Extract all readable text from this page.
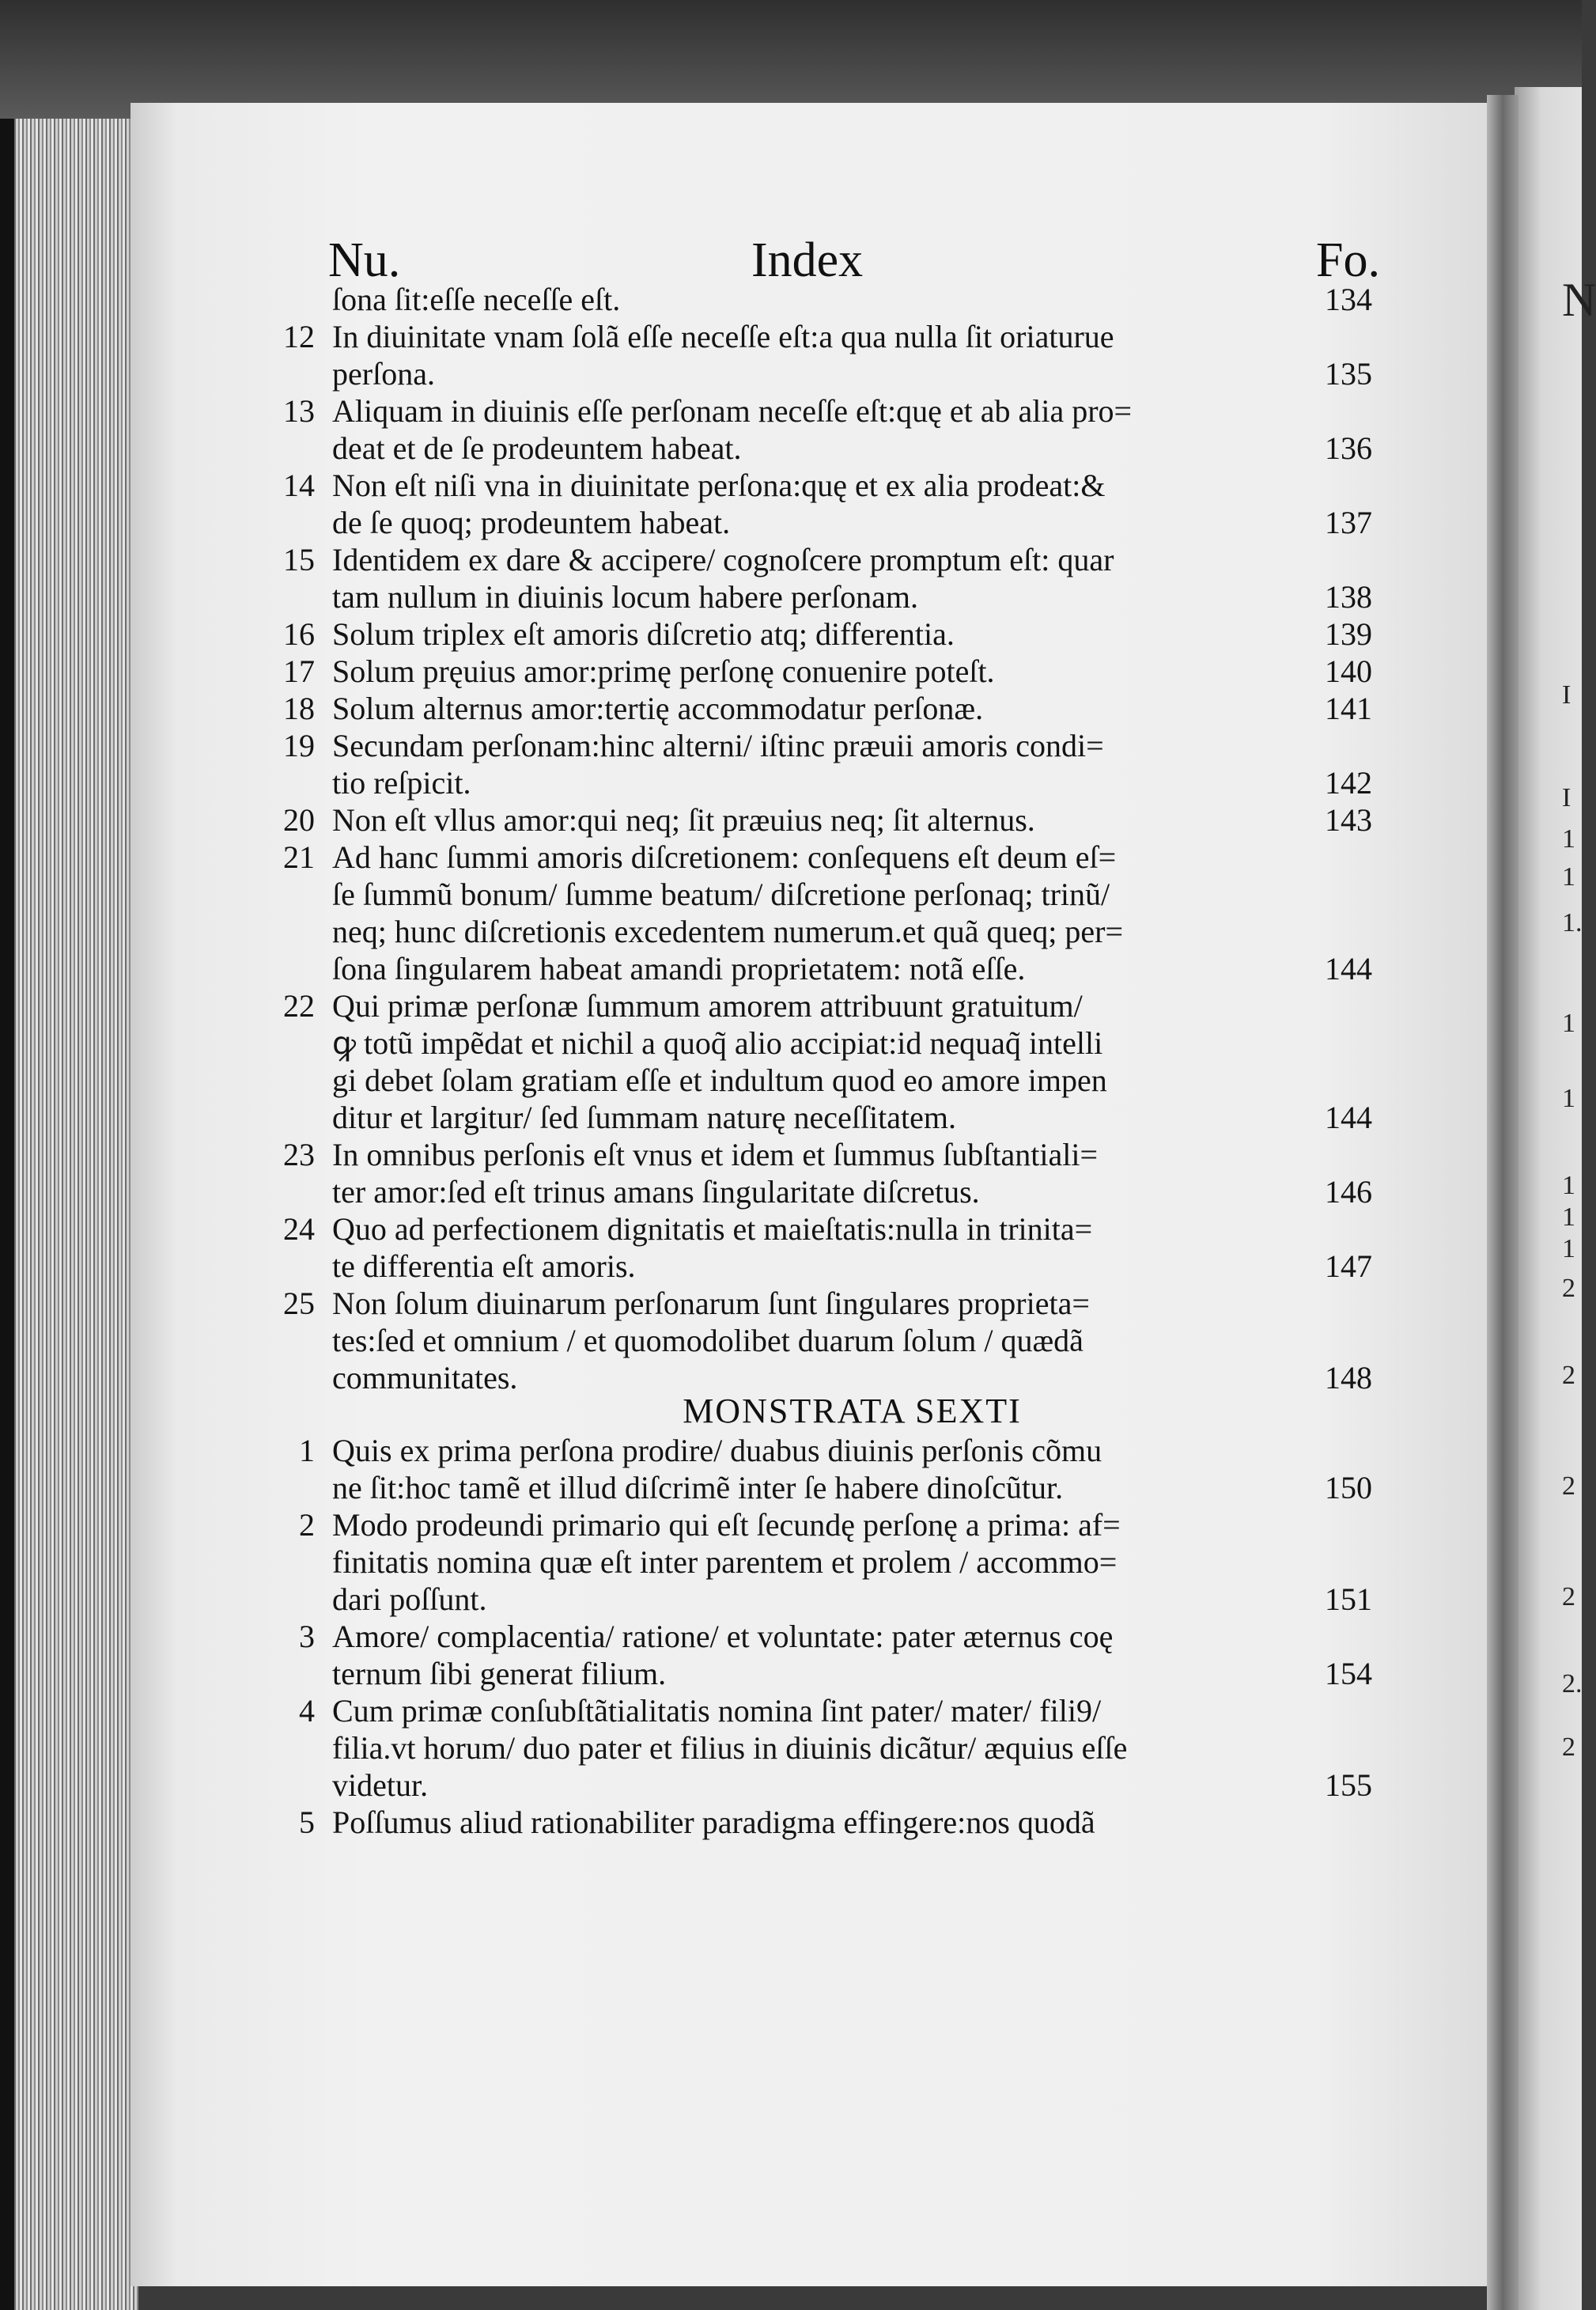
Nu.	Index	Fo.
ſona ſit:eſſe neceſſe eſt.	134
12 In diuinitate vnam ſolã eſſe neceſſe eſt:a qua nulla ſit oriaturue
perſona.	135
13 Aliquam in diuinis eſſe perſonam neceſſe eſt:quę et ab alia pro=
deat et de ſe prodeuntem habeat.	136
14 Non eſt niſi vna in diuinitate perſona:quę et ex alia prodeat:&
de ſe quoq; prodeuntem habeat.	137
15 Identidem ex dare & accipere/ cognoſcere promptum eſt: quar
tam nullum in diuinis locum habere perſonam.	138
16 Solum triplex eſt amoris diſcretio atq; differentia.	139
17 Solum pręuius amor:primę perſonę conuenire poteſt.	140
18 Solum alternus amor:tertię accommodatur perſonæ.	141
19 Secundam perſonam:hinc alterni/ iſtinc præuii amoris condi=
tio reſpicit.	142
20 Non eſt vllus amor:qui neq; ſit præuius neq; ſit alternus.	143
21 Ad hanc ſummi amoris diſcretionem: conſequens eſt deum eſ=
ſe ſummũ bonum/ ſumme beatum/ diſcretione perſonaq; trinũ/
neq; hunc diſcretionis excedentem numerum.et quã queq; per=
ſona ſingularem habeat amandi proprietatem: notã eſſe.	144
22 Qui primæ perſonæ ſummum amorem attribuunt gratuitum/
ꝙ totũ impẽdat et nichil a quoq̃ alio accipiat:id nequaq̃ intelli
gi debet ſolam gratiam eſſe et indultum quod eo amore impen
ditur et largitur/ ſed ſummam naturę neceſſitatem.	144
23 In omnibus perſonis eſt vnus et idem et ſummus ſubſtantiali=
ter amor:ſed eſt trinus amans ſingularitate diſcretus.	146
24 Quo ad perfectionem dignitatis et maieſtatis:nulla in trinita=
te differentia eſt amoris.	147
25 Non ſolum diuinarum perſonarum ſunt ſingulares proprieta=
tes:ſed et omnium / et quomodolibet duarum ſolum / quædã
communitates.	148
MONSTRATA SEXTI
1 Quis ex prima perſona prodire/ duabus diuinis perſonis cõmu
ne ſit:hoc tamẽ et illud diſcrimẽ inter ſe habere dinoſcũtur.	150
2 Modo prodeundi primario qui eſt ſecundę perſonę a prima: af=
finitatis nomina quæ eſt inter parentem et prolem / accommo=
dari poſſunt.	151
3 Amore/ complacentia/ ratione/ et voluntate: pater æternus coę
ternum ſibi generat filium.	154
4 Cum primæ conſubſtãtialitatis nomina ſint pater/ mater/ fili9/
filia.vt horum/ duo pater et filius in diuinis dicãtur/ æquius eſſe
videtur.	155
5 Poſſumus aliud rationabiliter paradigma effingere:nos quodã
N
I
I
1
1
1.
1
1
1
1
1
2
2
2
2
2.
2
